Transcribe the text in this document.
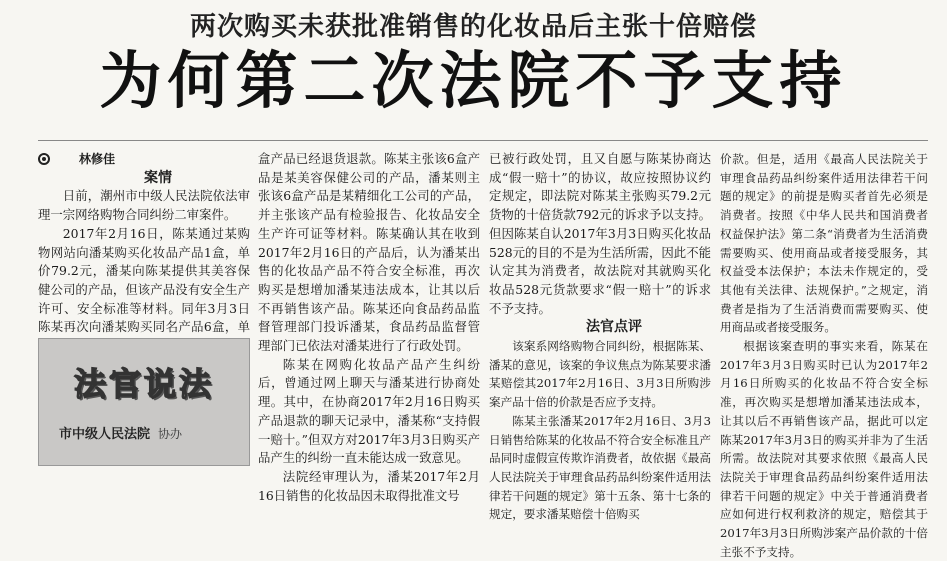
两次购买未获批准销售的化妆品后主张十倍赔偿
为何第二次法院不予支持

林修佳

案情

日前，潮州市中级人民法院依法审理一宗网络购物合同纠纷二审案件。

2017年2月16日，陈某通过某购物网站向潘某购买化妆品产品1盒，单价79.2元，潘某向陈某提供其美容保健公司的产品，但该产品没有安全生产许可、安全标准等材料。同年3月3日陈某再次向潘某购买同名产品6盒，单

法官说法
市中级人民法院 协办

盒产品已经退货退款。陈某主张该6盒产品是某美容保健公司的产品，潘某则主张该6盒产品是某精细化工公司的产品，并主张该产品有检验报告、化妆品安全生产许可证等材料。陈某确认其在收到2017年2月16日的产品后，认为潘某出售的化妆品产品不符合安全标准，再次购买是想增加潘某违法成本，让其以后不再销售该产品。陈某还向食品药品监督管理部门投诉潘某，食品药品监督管理部门已依法对潘某进行了行政处罚。

陈某在网购化妆品产品产生纠纷后，曾通过网上聊天与潘某进行协商处理。其中，在协商2017年2月16日购买产品退款的聊天记录中，潘某称“支持假一赔十。”但双方对2017年3月3日购买产品产生的纠纷一直未能达成一致意见。

法院经审理认为，潘某2017年2月16日销售的化妆品因未取得批准文号

已被行政处罚，且又自愿与陈某协商达成“假一赔十”的协议，故应按照协议约定规定，即法院对陈某主张购买79.2元货物的十倍货款792元的诉求予以支持。但因陈某自认2017年3月3日购买化妆品528元的目的不是为生活所需，因此不能认定其为消费者，故法院对其就购买化妆品528元货款要求“假一赔十”的诉求不予支持。

法官点评

该案系网络购物合同纠纷，根据陈某、潘某的意见，该案的争议焦点为陈某要求潘某赔偿其2017年2月16日、3月3日所购涉案产品十倍的价款是否应予支持。

陈某主张潘某2017年2月16日、3月3日销售给陈某的化妆品不符合安全标准且产品同时虚假宣传欺诈消费者，故依据《最高人民法院关于审理食品药品纠纷案件适用法律若干问题的规定》第十五条、第十七条的规定，要求潘某赔偿十倍购买

价款。但是，适用《最高人民法院关于审理食品药品纠纷案件适用法律若干问题的规定》的前提是购买者首先必须是消费者。按照《中华人民共和国消费者权益保护法》第二条“消费者为生活消费需要购买、使用商品或者接受服务，其权益受本法保护；本法未作规定的，受其他有关法律、法规保护。”之规定，消费者是指为了生活消费而需要购买、使用商品或者接受服务。

根据该案查明的事实来看，陈某在2017年3月3日购买时已认为2017年2月16日所购买的化妆品不符合安全标准，再次购买是想增加潘某违法成本，让其以后不再销售该产品，据此可以定陈某2017年3月3日的购买并非为了生活所需。故法院对其要求依照《最高人民法院关于审理食品药品纠纷案件适用法律若干问题的规定》中关于普通消费者应如何进行权利救济的规定，赔偿其于2017年3月3日所购涉案产品价款的十倍主张不予支持。
